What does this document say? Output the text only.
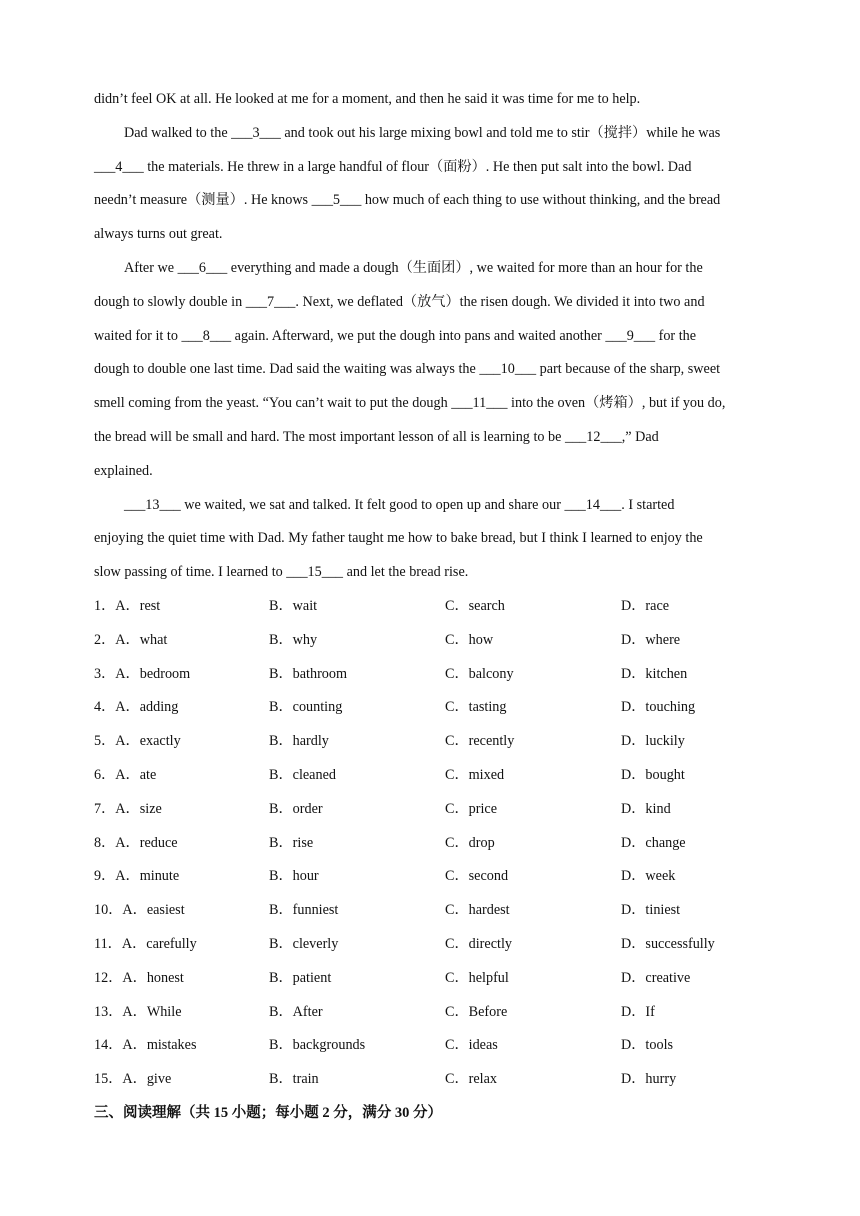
didn’t feel OK at all. He looked at me for a moment, and then he said it was time for me to help.
Dad walked to the ___3___ and took out his large mixing bowl and told me to stir（搅拌）while he was
___4___ the materials. He threw in a large handful of flour（面粉）. He then put salt into the bowl. Dad
needn’t measure（测量）. He knows ___5___ how much of each thing to use without thinking, and the bread
always turns out great.
After we ___6___ everything and made a dough（生面团）, we waited for more than an hour for the
dough to slowly double in ___7___. Next, we deflated（放气）the risen dough. We divided it into two and
waited for it to ___8___ again. Afterward, we put the dough into pans and waited another ___9___ for the
dough to double one last time. Dad said the waiting was always the ___10___ part because of the sharp, sweet
smell coming from the yeast. “You can’t wait to put the dough ___11___ into the oven（烤箱）, but if you do,
the bread will be small and hard. The most important lesson of all is learning to be ___12___,” Dad
explained.
___13___ we waited, we sat and talked. It felt good to open up and share our ___14___. I started
enjoying the quiet time with Dad. My father taught me how to bake bread, but I think I learned to enjoy the
slow passing of time. I learned to ___15___ and let the bread rise.
1．A．rest	B．wait	C．search	D．race
2．A．what	B．why	C．how	D．where
3．A．bedroom	B．bathroom	C．balcony	D．kitchen
4．A．adding	B．counting	C．tasting	D．touching
5．A．exactly	B．hardly	C．recently	D．luckily
6．A．ate	B．cleaned	C．mixed	D．bought
7．A．size	B．order	C．price	D．kind
8．A．reduce	B．rise	C．drop	D．change
9．A．minute	B．hour	C．second	D．week
10．A．easiest	B．funniest	C．hardest	D．tiniest
11．A．carefully	B．cleverly	C．directly	D．successfully
12．A．honest	B．patient	C．helpful	D．creative
13．A．While	B．After	C．Before	D．If
14．A．mistakes	B．backgrounds	C．ideas	D．tools
15．A．give	B．train	C．relax	D．hurry
三、阅读理解（共 15 小题；每小题 2 分，满分 30 分）
